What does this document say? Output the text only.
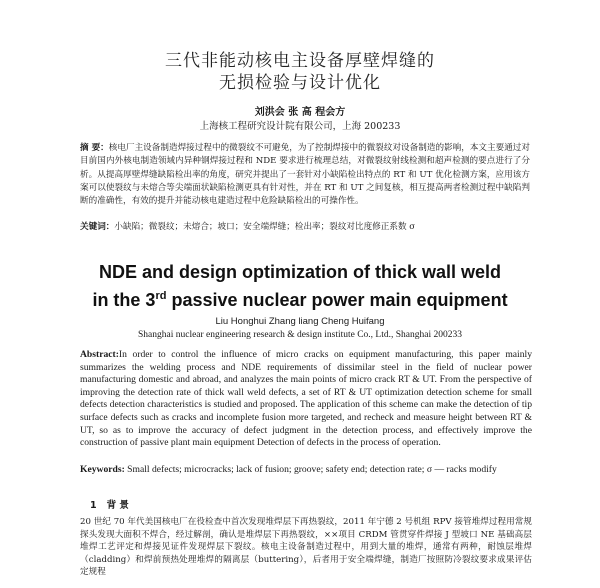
三代非能动核电主设备厚壁焊缝的
无损检验与设计优化
刘洪会 张 高 程会方
上海核工程研究设计院有限公司，上海 200233
摘 要：核电厂主设备制造焊接过程中的微裂纹不可避免，为了控制焊接中的微裂纹对设备制造的影响，本文主要通过对目前国内外核电制造领域内异种钢焊接过程和 NDE 要求进行梳理总结，对微裂纹射线检测和超声检测的要点进行了分析。从提高厚壁焊缝缺陷检出率的角度，研究并提出了一套针对小缺陷检出特点的 RT 和 UT 优化检测方案，应用该方案可以使裂纹与未熔合等尖端面状缺陷检测更具有针对性，并在 RT 和 UT 之间复核，相互提高两者检测过程中缺陷判断的准确性，有效的提升并能动核电建造过程中危险缺陷检出的可操作性。
关键词：小缺陷；微裂纹；未熔合；坡口；安全端焊缝；检出率；裂纹对比度修正系数 σ
NDE and design optimization of thick wall weld
in the 3rd passive nuclear power main equipment
Liu Honghui Zhang liang Cheng Huifang
Shanghai nuclear engineering research & design institute Co., Ltd., Shanghai 200233
Abstract:In order to control the influence of micro cracks on equipment manufacturing, this paper mainly summarizes the welding process and NDE requirements of dissimilar steel in the field of nuclear power manufacturing domestic and abroad, and analyzes the main points of micro crack RT & UT. From the perspective of improving the detection rate of thick wall weld defects, a set of RT & UT optimization detection scheme for small defects detection characteristics is studied and proposed. The application of this scheme can make the detection of tip surface defects such as cracks and incomplete fusion more targeted, and recheck and measure height between RT & UT, so as to improve the accuracy of defect judgment in the detection process, and effectively improve the construction of passive plant main equipment Detection of defects in the process of operation.
Keywords: Small defects; microcracks; lack of fusion; groove; safety end; detection rate; σ — racks modify
1 背 景
20 世纪 70 年代美国核电厂在役检查中首次发现堆焊层下再热裂纹，2011 年宁德 2 号机组 RPV 接管堆焊过程用常规探头发现大面积不焊合，经过解剖，确认是堆焊层下再热裂纹，××项目 CRDM 管贯穿件焊接 J 型坡口 NE 基础高层堆焊工艺评定和焊接见证件发现焊层下裂纹。核电主设备制造过程中，用到大量的堆焊，通常有两种，耐蚀层堆焊（cladding）和焊前预热处理堆焊的隔离层（buttering），后者用于安全端焊缝，制造厂按照防冷裂纹要求成果评估定规程
